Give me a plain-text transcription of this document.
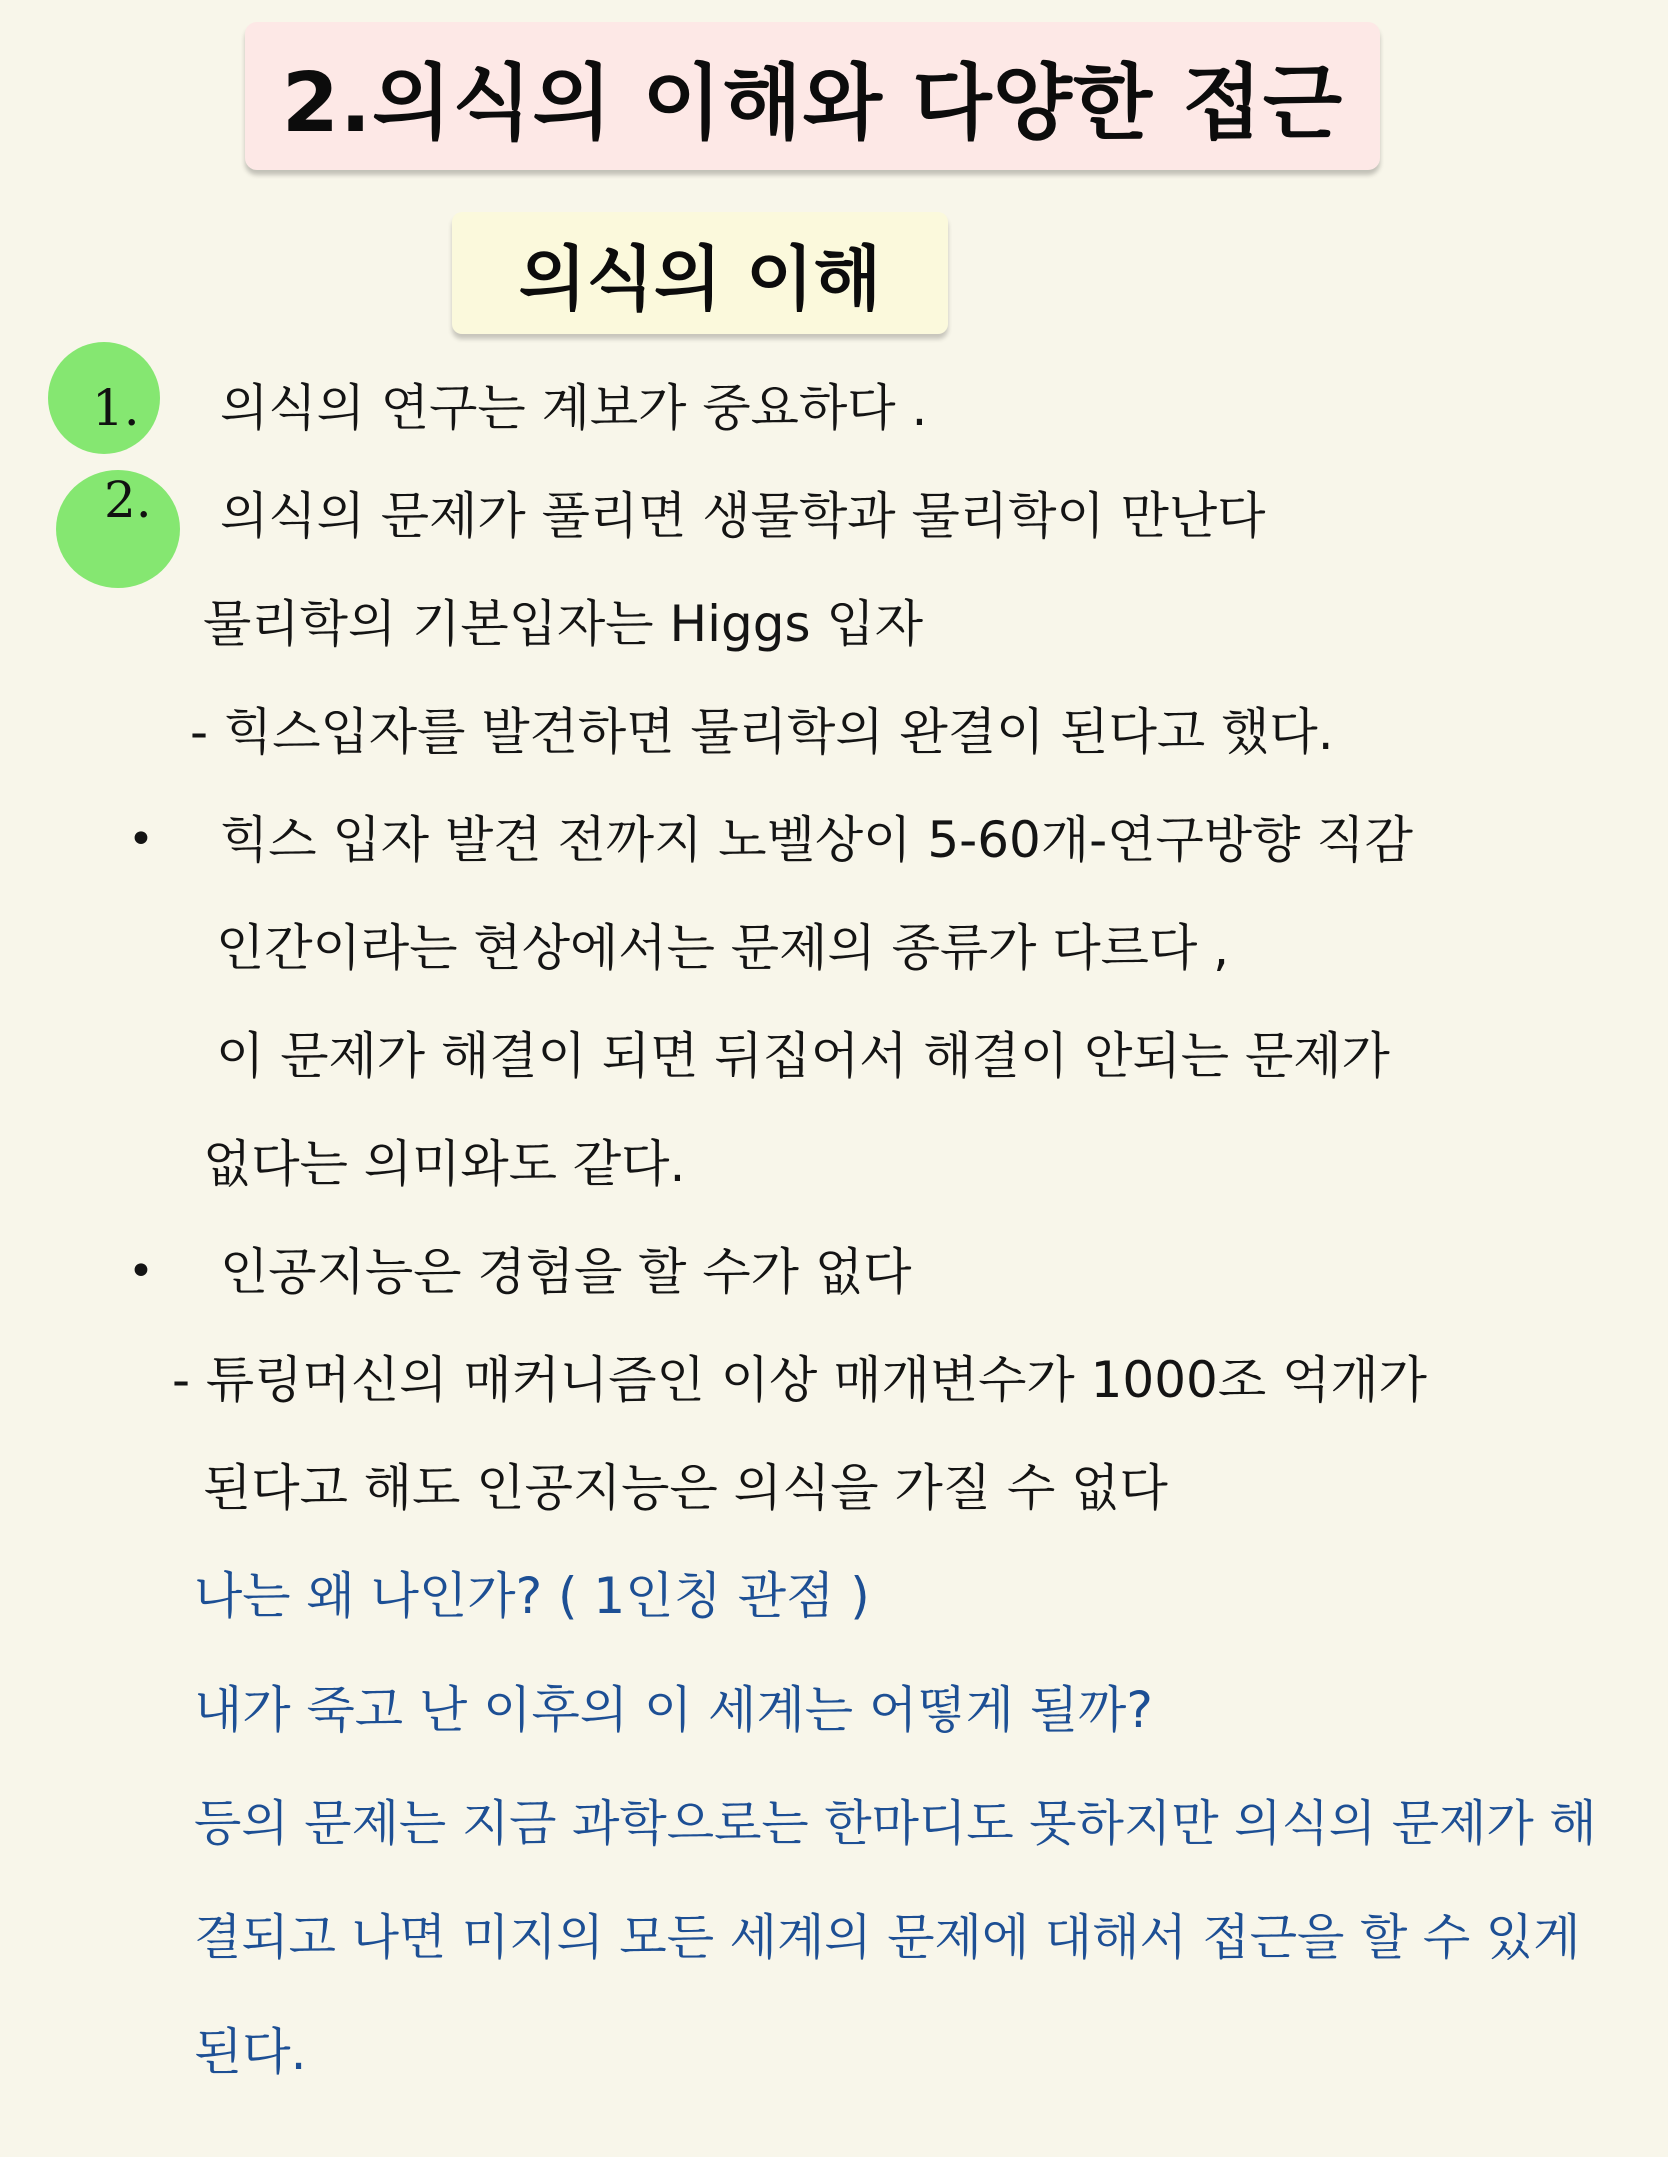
2.의식의 이해와 다양한 접근
의식의 이해
1.
2.
의식의 연구는 계보가 중요하다 .
의식의 문제가 풀리면 생물학과 물리학이 만난다
물리학의 기본입자는 Higgs 입자
- 힉스입자를 발견하면 물리학의 완결이 된다고 했다.
• 힉스 입자 발견 전까지 노벨상이 5-60개-연구방향 직감
인간이라는 현상에서는 문제의 종류가 다르다 ,
이 문제가 해결이 되면 뒤집어서 해결이 안되는 문제가
없다는 의미와도 같다.
• 인공지능은 경험을 할 수가 없다
- 튜링머신의 매커니즘인 이상 매개변수가 1000조 억개가
된다고 해도 인공지능은 의식을 가질 수 없다
나는 왜 나인가? ( 1인칭 관점 )
내가 죽고 난 이후의 이 세계는 어떻게 될까?
등의 문제는 지금 과학으로는 한마디도 못하지만 의식의 문제가 해
결되고 나면 미지의 모든 세계의 문제에 대해서 접근을 할 수 있게
된다.
